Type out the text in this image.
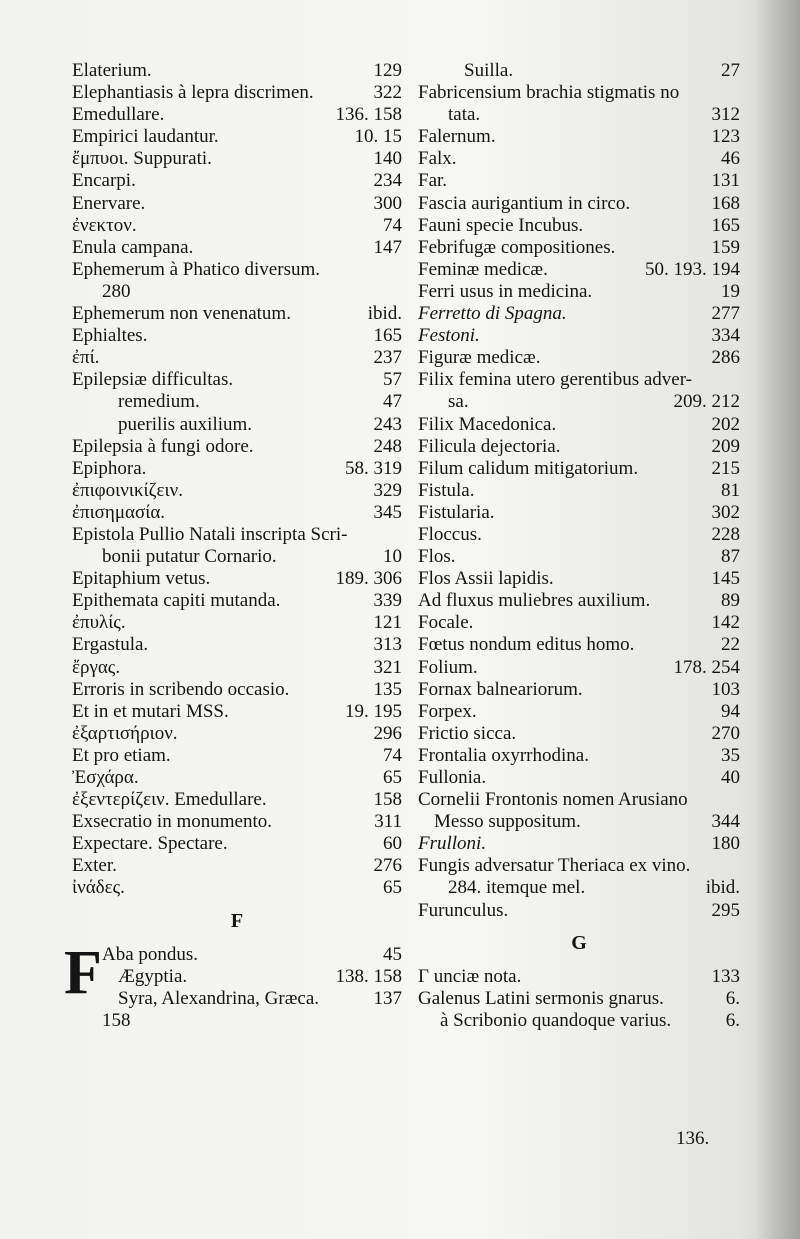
Elaterium.	129
Elephantiasis à lepra discrimen.	322
Emedullare.	136. 158
Empirici laudantur.	10. 15
ἔμπυοι. Suppurati.	140
Encarpi.	234
Enervare.	300
ἐνεκτον.	74
Enula campana.	147
Ephemerum à Phatico diversum.
280
Ephemerum non venenatum.	ibid.
Ephialtes.	165
ἐπί.	237
Epilepsiæ difficultas.	57
remedium.	47
puerilis auxilium.	243
Epilepsia à fungi odore.	248
Epiphora.	58. 319
ἐπιφοινικίζειν.	329
ἐπισημασία.	345
Epistola Pullio Natali inscripta Scri-
bonii putatur Cornario.	10
Epitaphium vetus.	189. 306
Epithemata capiti mutanda.	339
ἐπυλίς.	121
Ergastula.	313
ἔργας.	321
Erroris in scribendo occasio.	135
Et in et mutari MSS.	19. 195
ἐξαρτισήριον.	296
Et pro etiam.	74
Ἐσχάρα.	65
ἐξεντερίζειν. Emedullare.	158
Exsecratio in monumento.	311
Expectare. Spectare.	60
Exter.	276
ἰνάδες.	65
F
F Aba pondus.	45
Ægyptia.	138. 158
Syra, Alexandrina, Græca.	137
158
Suilla.	27
Fabricensium brachia stigmatis no
tata.	312
Falernum.	123
Falx.	46
Far.	131
Fascia aurigantium in circo.	168
Fauni specie Incubus.	165
Febrifugæ compositiones.	159
Feminæ medicæ.	50. 193. 194
Ferri usus in medicina.	19
Ferretto di Spagna.	277
Festoni.	334
Figuræ medicæ.	286
Filix femina utero gerentibus adver-
sa.	209. 212
Filix Macedonica.	202
Filicula dejectoria.	209
Filum calidum mitigatorium.	215
Fistula.	81
Fistularia.	302
Floccus.	228
Flos.	87
Flos Assii lapidis.	145
Ad fluxus muliebres auxilium.	89
Focale.	142
Fœtus nondum editus homo.	22
Folium.	178. 254
Fornax balneariorum.	103
Forpex.	94
Frictio sicca.	270
Frontalia oxyrrhodina.	35
Fullonia.	40
Cornelii Frontonis nomen Arusiano
Messo suppositum.	344
Frulloni.	180
Fungis adversatur Theriaca ex vino.
284. itemque mel.	ibid.
Furunculus.	295
G
Γ unciæ nota.	133
Galenus Latini sermonis gnarus.	6.
à Scribonio quandoque varius.	6.
136.
